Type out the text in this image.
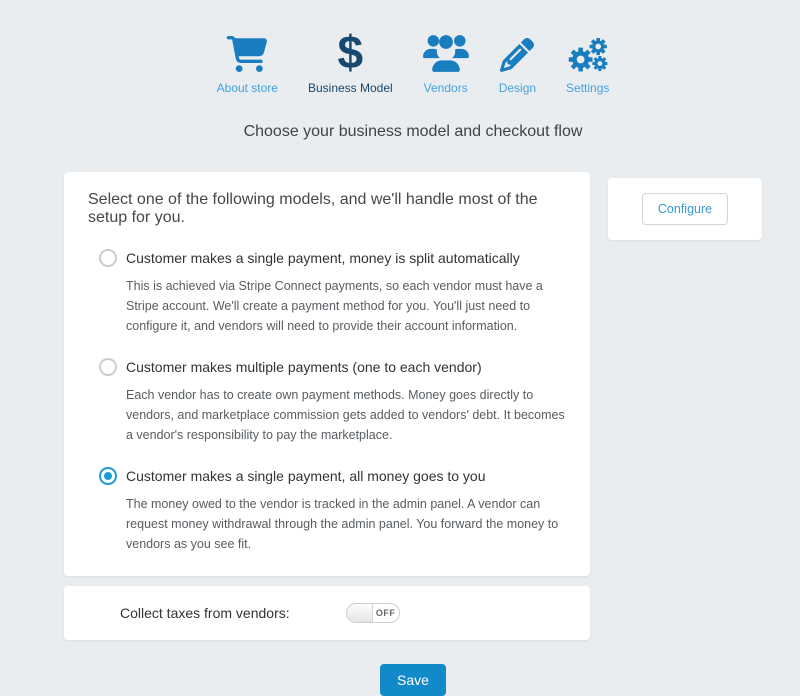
About store
$
Business Model	Vendors	Design	Settings
Choose your business model and checkout flow
Select one of the following models, and we'll handle most of the setup for you.
Customer makes a single payment, money is split automatically

This is achieved via Stripe Connect payments, so each vendor must have a Stripe account. We'll create a payment method for you. You'll just need to configure it, and vendors will need to provide their account information.

Customer makes multiple payments (one to each vendor)

Each vendor has to create own payment methods. Money goes directly to vendors, and marketplace commission gets added to vendors' debt. It becomes a vendor's responsibility to pay the marketplace.

Customer makes a single payment, all money goes to you

The money owed to the vendor is tracked in the admin panel. A vendor can request money withdrawal through the admin panel. You forward the money to vendors as you see fit.

Configure
Collect taxes from vendors:	OFF
Save
